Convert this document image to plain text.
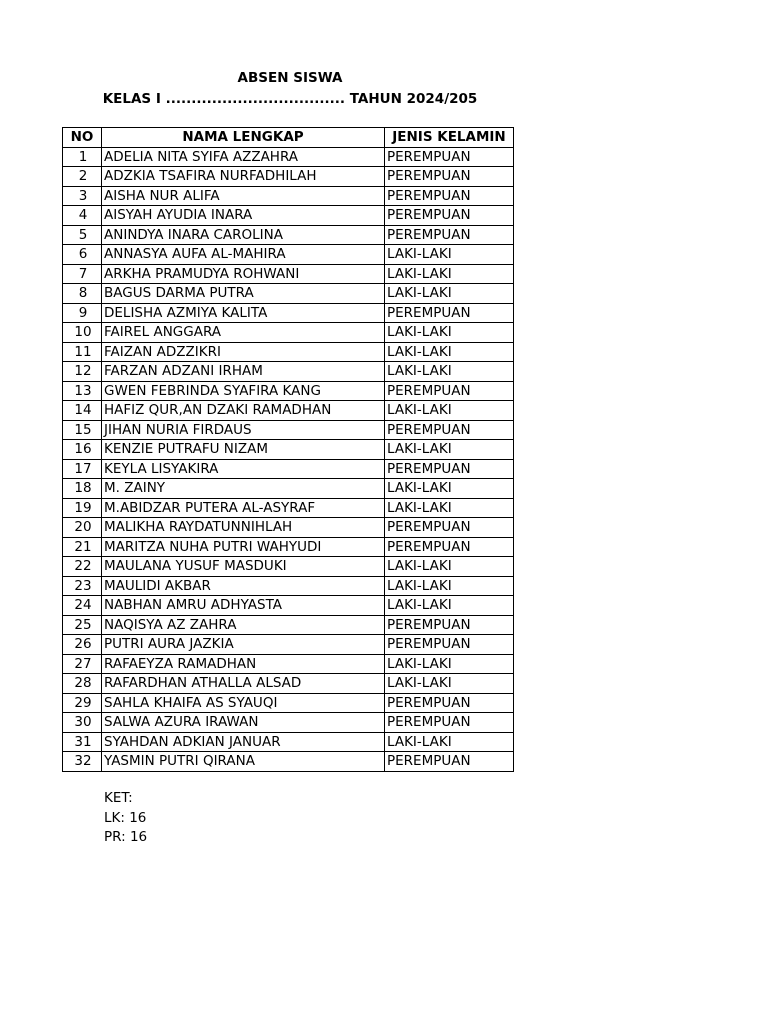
ABSEN SISWA
KELAS I ................................... TAHUN 2024/205
NO	NAMA LENGKAP	JENIS KELAMIN
1	ADELIA NITA SYIFA AZZAHRA	PEREMPUAN
2	ADZKIA TSAFIRA NURFADHILAH	PEREMPUAN
3	AISHA NUR ALIFA	PEREMPUAN
4	AISYAH AYUDIA INARA	PEREMPUAN
5	ANINDYA INARA CAROLINA	PEREMPUAN
6	ANNASYA AUFA AL-MAHIRA	LAKI-LAKI
7	ARKHA PRAMUDYA ROHWANI	LAKI-LAKI
8	BAGUS DARMA PUTRA	LAKI-LAKI
9	DELISHA AZMIYA KALITA	PEREMPUAN
10	FAIREL ANGGARA	LAKI-LAKI
11	FAIZAN ADZZIKRI	LAKI-LAKI
12	FARZAN ADZANI IRHAM	LAKI-LAKI
13	GWEN FEBRINDA SYAFIRA KANG	PEREMPUAN
14	HAFIZ QUR,AN DZAKI RAMADHAN	LAKI-LAKI
15	JIHAN NURIA FIRDAUS	PEREMPUAN
16	KENZIE PUTRAFU NIZAM	LAKI-LAKI
17	KEYLA LISYAKIRA	PEREMPUAN
18	M. ZAINY	LAKI-LAKI
19	M.ABIDZAR PUTERA AL-ASYRAF	LAKI-LAKI
20	MALIKHA RAYDATUNNIHLAH	PEREMPUAN
21	MARITZA NUHA PUTRI WAHYUDI	PEREMPUAN
22	MAULANA YUSUF MASDUKI	LAKI-LAKI
23	MAULIDI AKBAR	LAKI-LAKI
24	NABHAN AMRU ADHYASTA	LAKI-LAKI
25	NAQISYA AZ ZAHRA	PEREMPUAN
26	PUTRI AURA JAZKIA	PEREMPUAN
27	RAFAEYZA RAMADHAN	LAKI-LAKI
28	RAFARDHAN ATHALLA ALSAD	LAKI-LAKI
29	SAHLA KHAIFA AS SYAUQI	PEREMPUAN
30	SALWA AZURA IRAWAN	PEREMPUAN
31	SYAHDAN ADKIAN JANUAR	LAKI-LAKI
32	YASMIN PUTRI QIRANA	PEREMPUAN
KET:
LK: 16
PR: 16
